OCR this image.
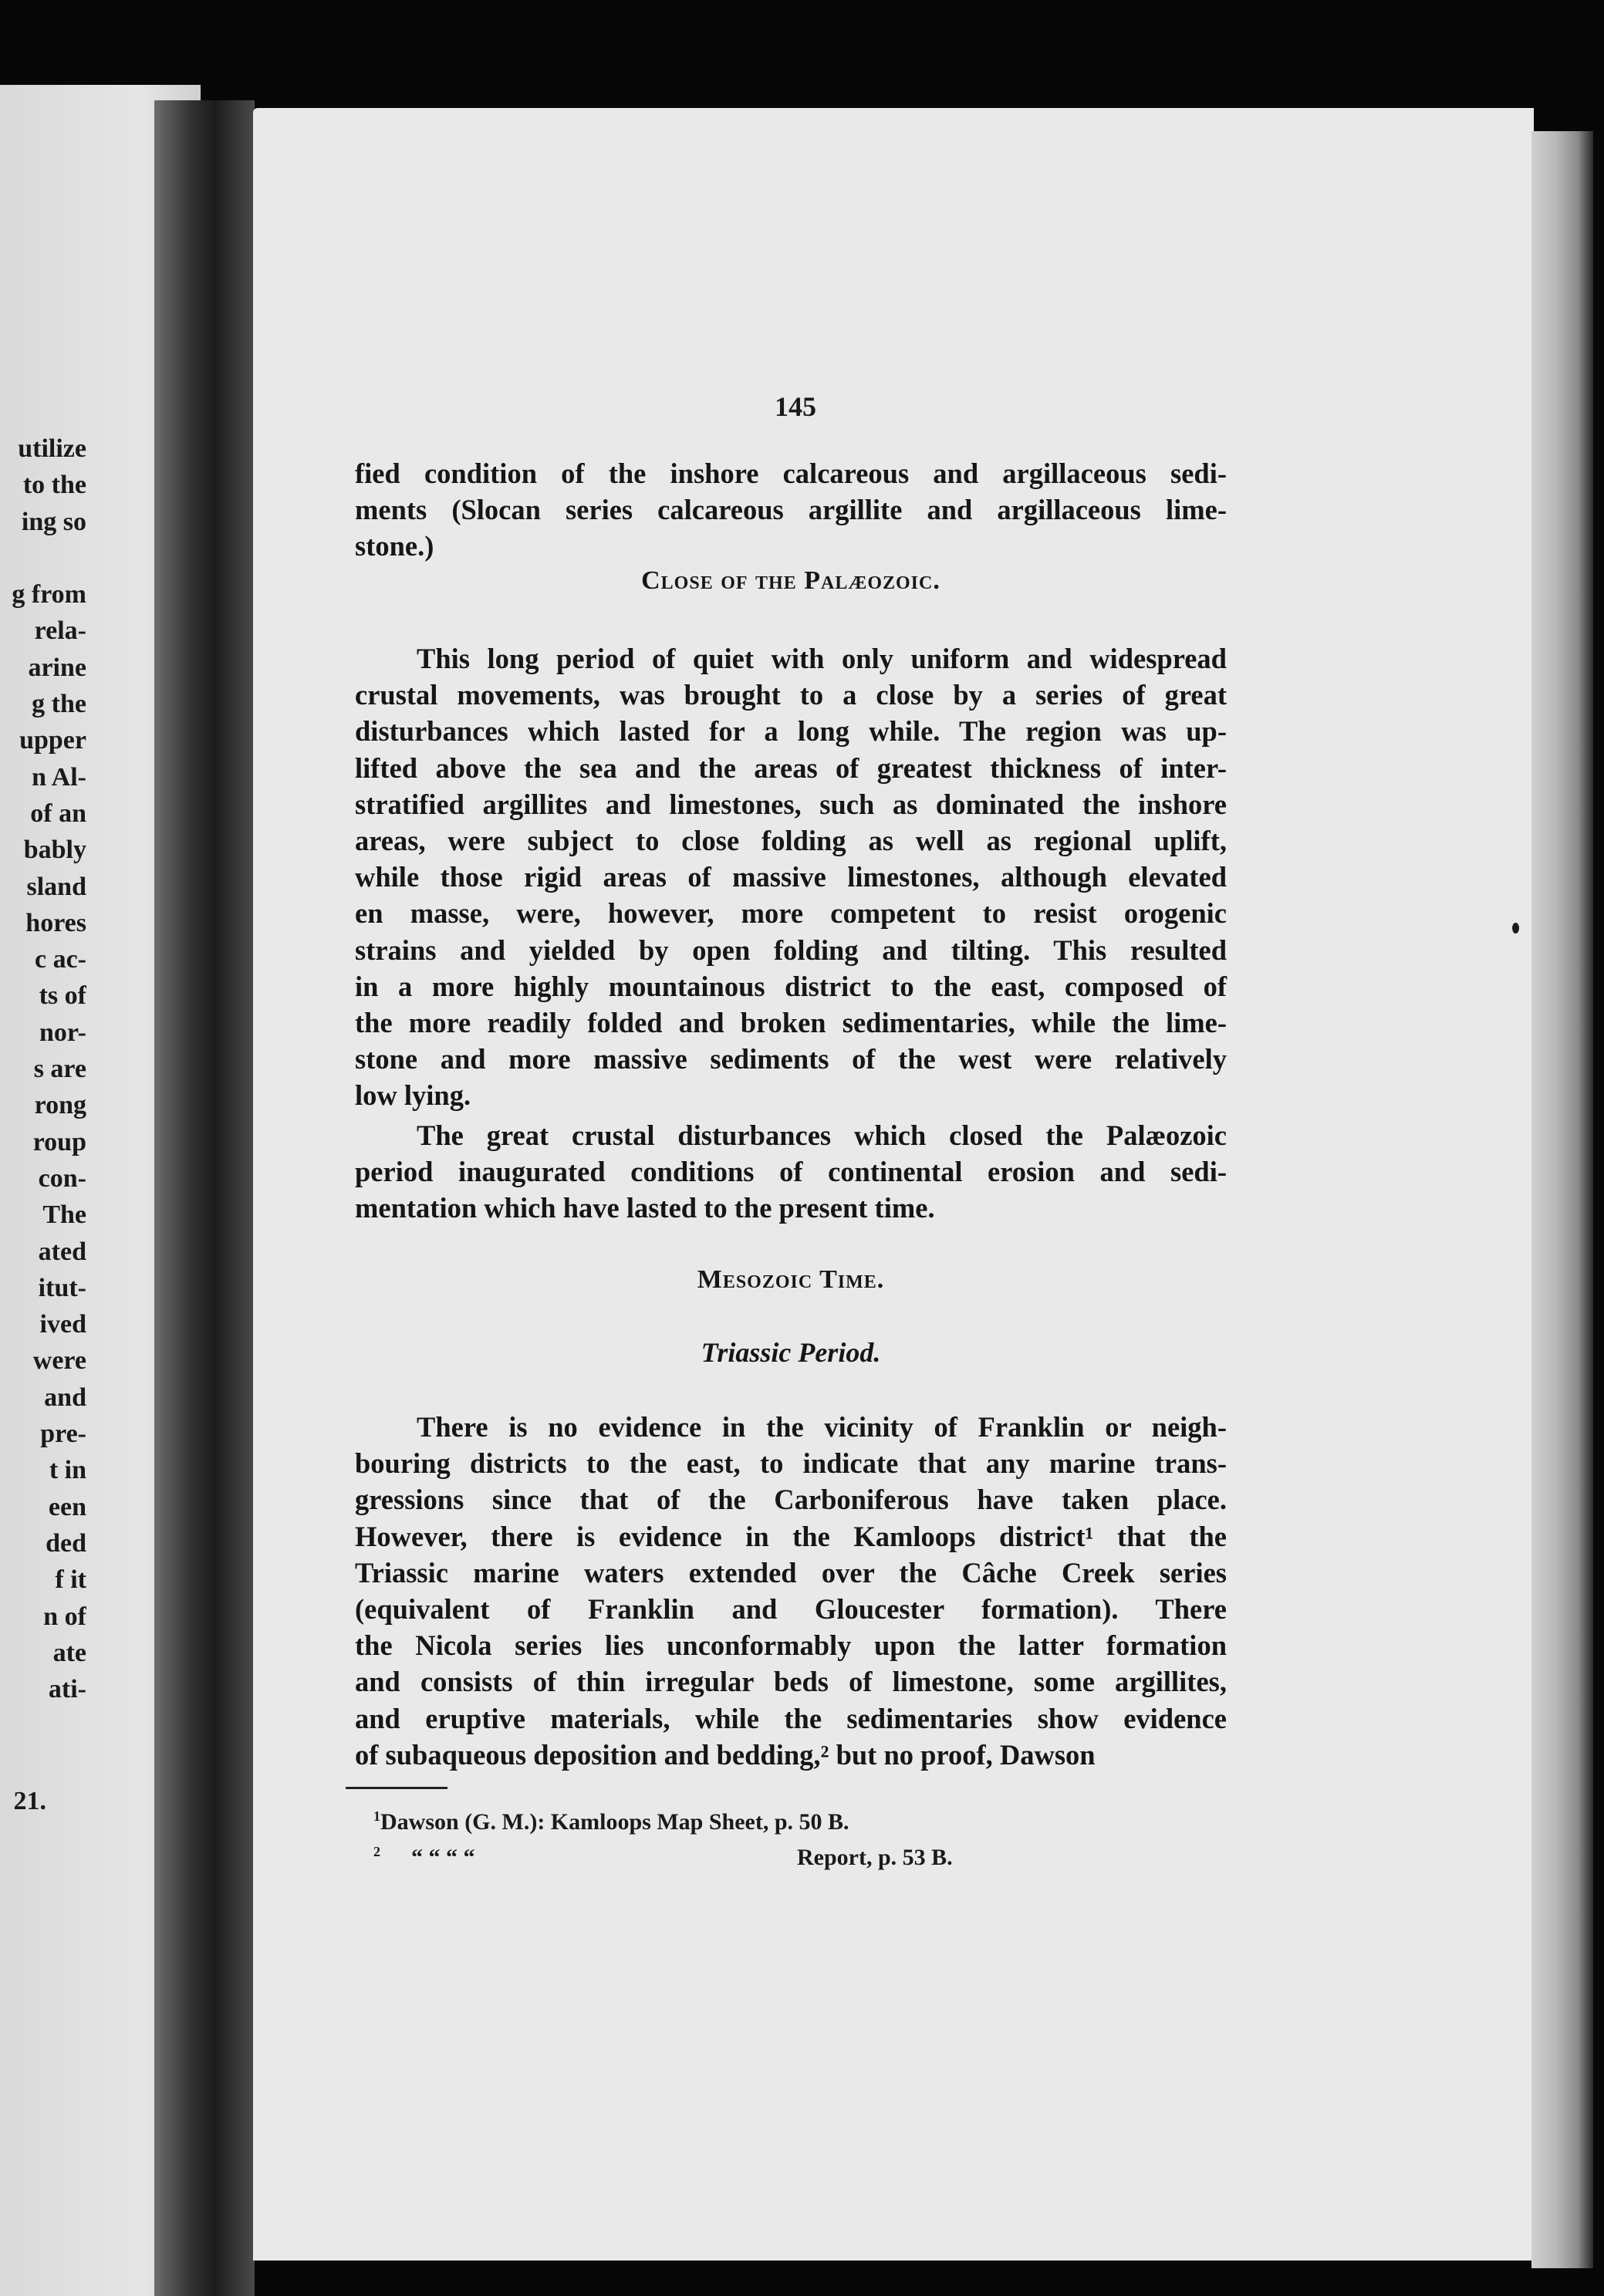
utilize
to the
ing so
g from
rela-
arine
g the
upper
n Al-
of an
bably
sland
hores
c ac-
ts of
nor-
s are
rong
roup
con-
The
ated
itut-
ived
were
and
pre-
t in
een
ded
f it
n of
ate
ati-
21.
145
fied condition of the inshore calcareous and argillaceous sedi-
ments (Slocan series calcareous argillite and argillaceous lime-
stone.)
Close of the Palæozoic.
This long period of quiet with only uniform and widespread
crustal movements, was brought to a close by a series of great
disturbances which lasted for a long while. The region was up-
lifted above the sea and the areas of greatest thickness of inter-
stratified argillites and limestones, such as dominated the inshore
areas, were subject to close folding as well as regional uplift,
while those rigid areas of massive limestones, although elevated
en masse, were, however, more competent to resist orogenic
strains and yielded by open folding and tilting. This resulted
in a more highly mountainous district to the east, composed of
the more readily folded and broken sedimentaries, while the lime-
stone and more massive sediments of the west were relatively
low lying.
The great crustal disturbances which closed the Palæozoic
period inaugurated conditions of continental erosion and sedi-
mentation which have lasted to the present time.
Mesozoic Time.
Triassic Period.
There is no evidence in the vicinity of Franklin or neigh-
bouring districts to the east, to indicate that any marine trans-
gressions since that of the Carboniferous have taken place.
However, there is evidence in the Kamloops district¹ that the
Triassic marine waters extended over the Câche Creek series
(equivalent of Franklin and Gloucester formation). There
the Nicola series lies unconformably upon the latter formation
and consists of thin irregular beds of limestone, some argillites,
and eruptive materials, while the sedimentaries show evidence
of subaqueous deposition and bedding,² but no proof, Dawson
$^1$Dawson (G. M.): Kamloops Map Sheet, p. 50 B.
$^2$ “ “ “ “	Report, p. 53 B.
